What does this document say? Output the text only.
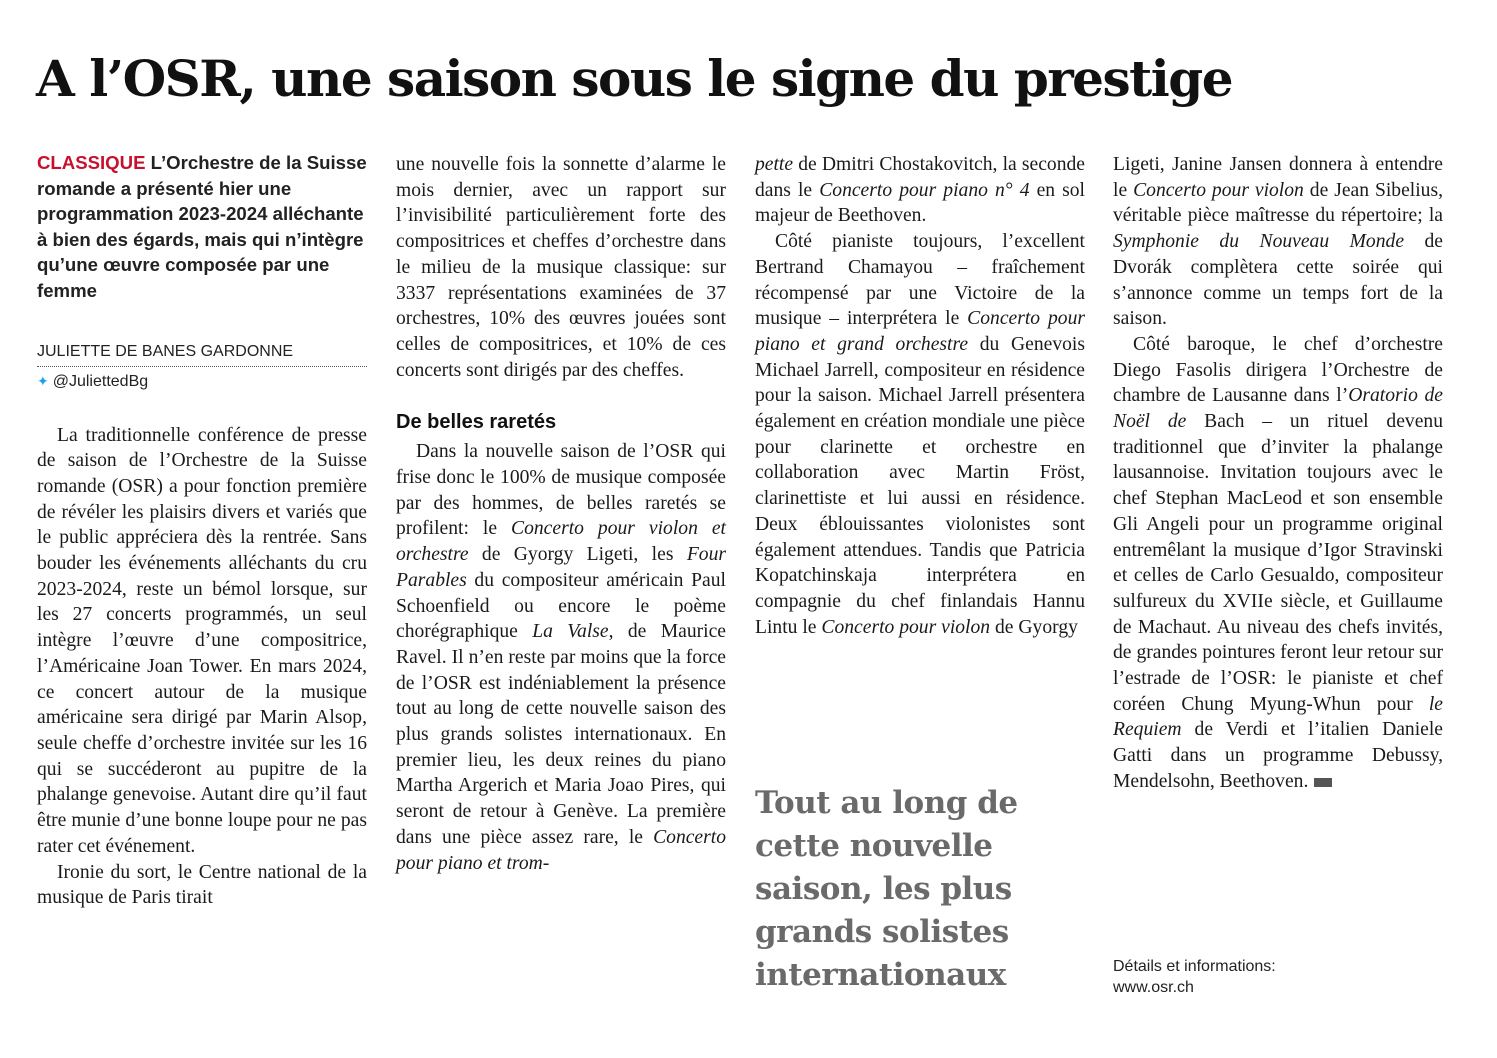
A l’OSR, une saison sous le signe du prestige
CLASSIQUE L’Orchestre de la Suisse romande a présenté hier une programmation 2023-2024 alléchante à bien des égards, mais qui n’intègre qu’une œuvre composée par une femme
JULIETTE DE BANES GARDONNE
✦ @JuliettedBg

La traditionnelle conférence de presse de saison de l’Orchestre de la Suisse romande (OSR) a pour fonction première de révéler les plaisirs divers et variés que le public appréciera dès la rentrée. Sans bouder les événements alléchants du cru 2023-2024, reste un bémol lorsque, sur les 27 concerts programmés, un seul intègre l’œuvre d’une compositrice, l’Américaine Joan Tower. En mars 2024, ce concert autour de la musique américaine sera dirigé par Marin Alsop, seule cheffe d’orchestre invitée sur les 16 qui se succéderont au pupitre de la phalange genevoise. Autant dire qu’il faut être munie d’une bonne loupe pour ne pas rater cet événement.

Ironie du sort, le Centre national de la musique de Paris tirait

une nouvelle fois la sonnette d’alarme le mois dernier, avec un rapport sur l’invisibilité particulièrement forte des compositrices et cheffes d’orchestre dans le milieu de la musique classique: sur 3337 représentations examinées de 37 orchestres, 10% des œuvres jouées sont celles de compositrices, et 10% de ces concerts sont dirigés par des cheffes.

De belles raretés

Dans la nouvelle saison de l’OSR qui frise donc le 100% de musique composée par des hommes, de belles raretés se profilent: le Concerto pour violon et orchestre de Gyorgy Ligeti, les Four Parables du compositeur américain Paul Schoenfield ou encore le poème chorégraphique La Valse, de Maurice Ravel. Il n’en reste par moins que la force de l’OSR est indéniablement la présence tout au long de cette nouvelle saison des plus grands solistes internationaux. En premier lieu, les deux reines du piano Martha Argerich et Maria Joao Pires, qui seront de retour à Genève. La première dans une pièce assez rare, le Concerto pour piano et trom-

pette de Dmitri Chostakovitch, la seconde dans le Concerto pour piano n° 4 en sol majeur de Beethoven.

Côté pianiste toujours, l’excellent Bertrand Chamayou – fraîchement récompensé par une Victoire de la musique – interprétera le Concerto pour piano et grand orchestre du Genevois Michael Jarrell, compositeur en résidence pour la saison. Michael Jarrell présentera également en création mondiale une pièce pour clarinette et orchestre en collaboration avec Martin Fröst, clarinettiste et lui aussi en résidence. Deux éblouissantes violonistes sont également attendues. Tandis que Patricia Kopatchinskaja interprétera en compagnie du chef finlandais Hannu Lintu le Concerto pour violon de Gyorgy

Tout au long de cette nouvelle saison, les plus grands solistes internationaux

Ligeti, Janine Jansen donnera à entendre le Concerto pour violon de Jean Sibelius, véritable pièce maîtresse du répertoire; la Symphonie du Nouveau Monde de Dvorák complètera cette soirée qui s’annonce comme un temps fort de la saison.

Côté baroque, le chef d’orchestre Diego Fasolis dirigera l’Orchestre de chambre de Lausanne dans l’Oratorio de Noël de Bach – un rituel devenu traditionnel que d’inviter la phalange lausannoise. Invitation toujours avec le chef Stephan MacLeod et son ensemble Gli Angeli pour un programme original entremêlant la musique d’Igor Stravinski et celles de Carlo Gesualdo, compositeur sulfureux du XVIIe siècle, et Guillaume de Machaut. Au niveau des chefs invités, de grandes pointures feront leur retour sur l’estrade de l’OSR: le pianiste et chef coréen Chung Myung-Whun pour le Requiem de Verdi et l’italien Daniele Gatti dans un programme Debussy, Mendelsohn, Beethoven.

Détails et informations:
www.osr.ch
